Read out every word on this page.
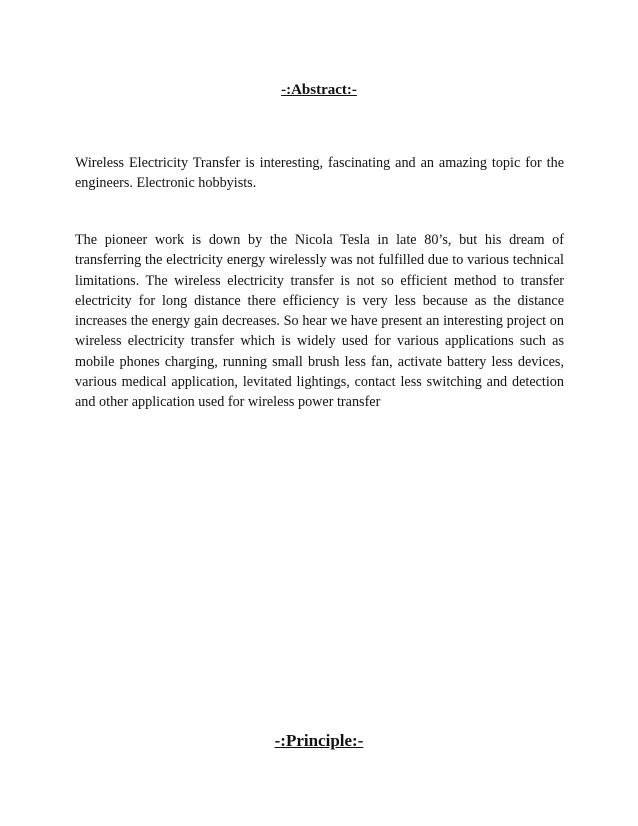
-:Abstract:-

Wireless Electricity Transfer is interesting, fascinating and an amazing topic for the engineers. Electronic hobbyists.

The pioneer work is down by the Nicola Tesla in late 80’s, but his dream of transferring the electricity energy wirelessly was not fulfilled due to various technical limitations. The wireless electricity transfer is not so efficient method to transfer electricity for long distance there efficiency is very less because as the distance increases the energy gain decreases. So hear we have present an interesting project on wireless electricity transfer which is widely used for various applications such as mobile phones charging, running small brush less fan, activate battery less devices, various medical application, levitated lightings, contact less switching and detection and other application used for wireless power transfer

-:Principle:-
